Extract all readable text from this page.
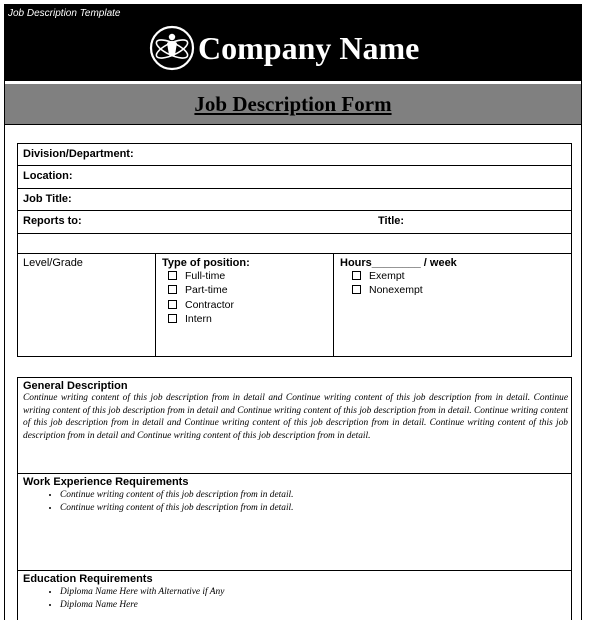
Job Description Template
Company Name
Job Description Form
Division/Department:
Location:
Job Title:
Reports to:	Title:
Level/Grade	Type of position:
Full-time
Part-time
Contractor
Intern
Hours________ / week
Exempt
Nonexempt
General Description
Continue writing content of this job description from in detail and Continue writing content of this job description from in detail. Continue writing content of this job description from in detail and Continue writing content of this job description from in detail. Continue writing content of this job description from in detail and Continue writing content of this job description from in detail. Continue writing content of this job description from in detail and Continue writing content of this job description from in detail.
Work Experience Requirements
• Continue writing content of this job description from in detail.
• Continue writing content of this job description from in detail.
Education Requirements
• Diploma Name Here with Alternative if Any
• Diploma Name Here
